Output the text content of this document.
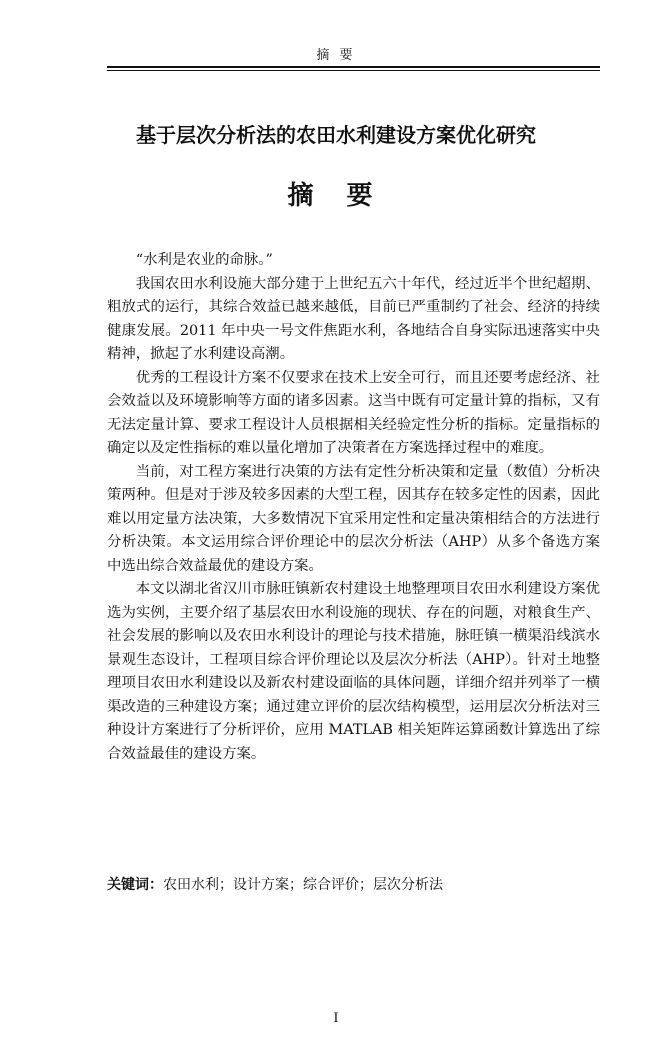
摘 要
基于层次分析法的农田水利建设方案优化研究
摘 要

“水利是农业的命脉。”

我国农田水利设施大部分建于上世纪五六十年代，经过近半个世纪超期、粗放式的运行，其综合效益已越来越低，目前已严重制约了社会、经济的持续健康发展。2011 年中央一号文件焦距水利，各地结合自身实际迅速落实中央精神，掀起了水利建设高潮。

优秀的工程设计方案不仅要求在技术上安全可行，而且还要考虑经济、社会效益以及环境影响等方面的诸多因素。这当中既有可定量计算的指标，又有无法定量计算、要求工程设计人员根据相关经验定性分析的指标。定量指标的确定以及定性指标的难以量化增加了决策者在方案选择过程中的难度。

当前，对工程方案进行决策的方法有定性分析决策和定量（数值）分析决策两种。但是对于涉及较多因素的大型工程，因其存在较多定性的因素，因此难以用定量方法决策，大多数情况下宜采用定性和定量决策相结合的方法进行分析决策。本文运用综合评价理论中的层次分析法（AHP）从多个备选方案中选出综合效益最优的建设方案。

本文以湖北省汉川市脉旺镇新农村建设土地整理项目农田水利建设方案优选为实例，主要介绍了基层农田水利设施的现状、存在的问题，对粮食生产、社会发展的影响以及农田水利设计的理论与技术措施，脉旺镇一横渠沿线滨水景观生态设计，工程项目综合评价理论以及层次分析法（AHP）。针对土地整理项目农田水利建设以及新农村建设面临的具体问题，详细介绍并列举了一横渠改造的三种建设方案；通过建立评价的层次结构模型，运用层次分析法对三种设计方案进行了分析评价，应用 MATLAB 相关矩阵运算函数计算选出了综合效益最佳的建设方案。

关键词：农田水利；设计方案；综合评价；层次分析法
I
